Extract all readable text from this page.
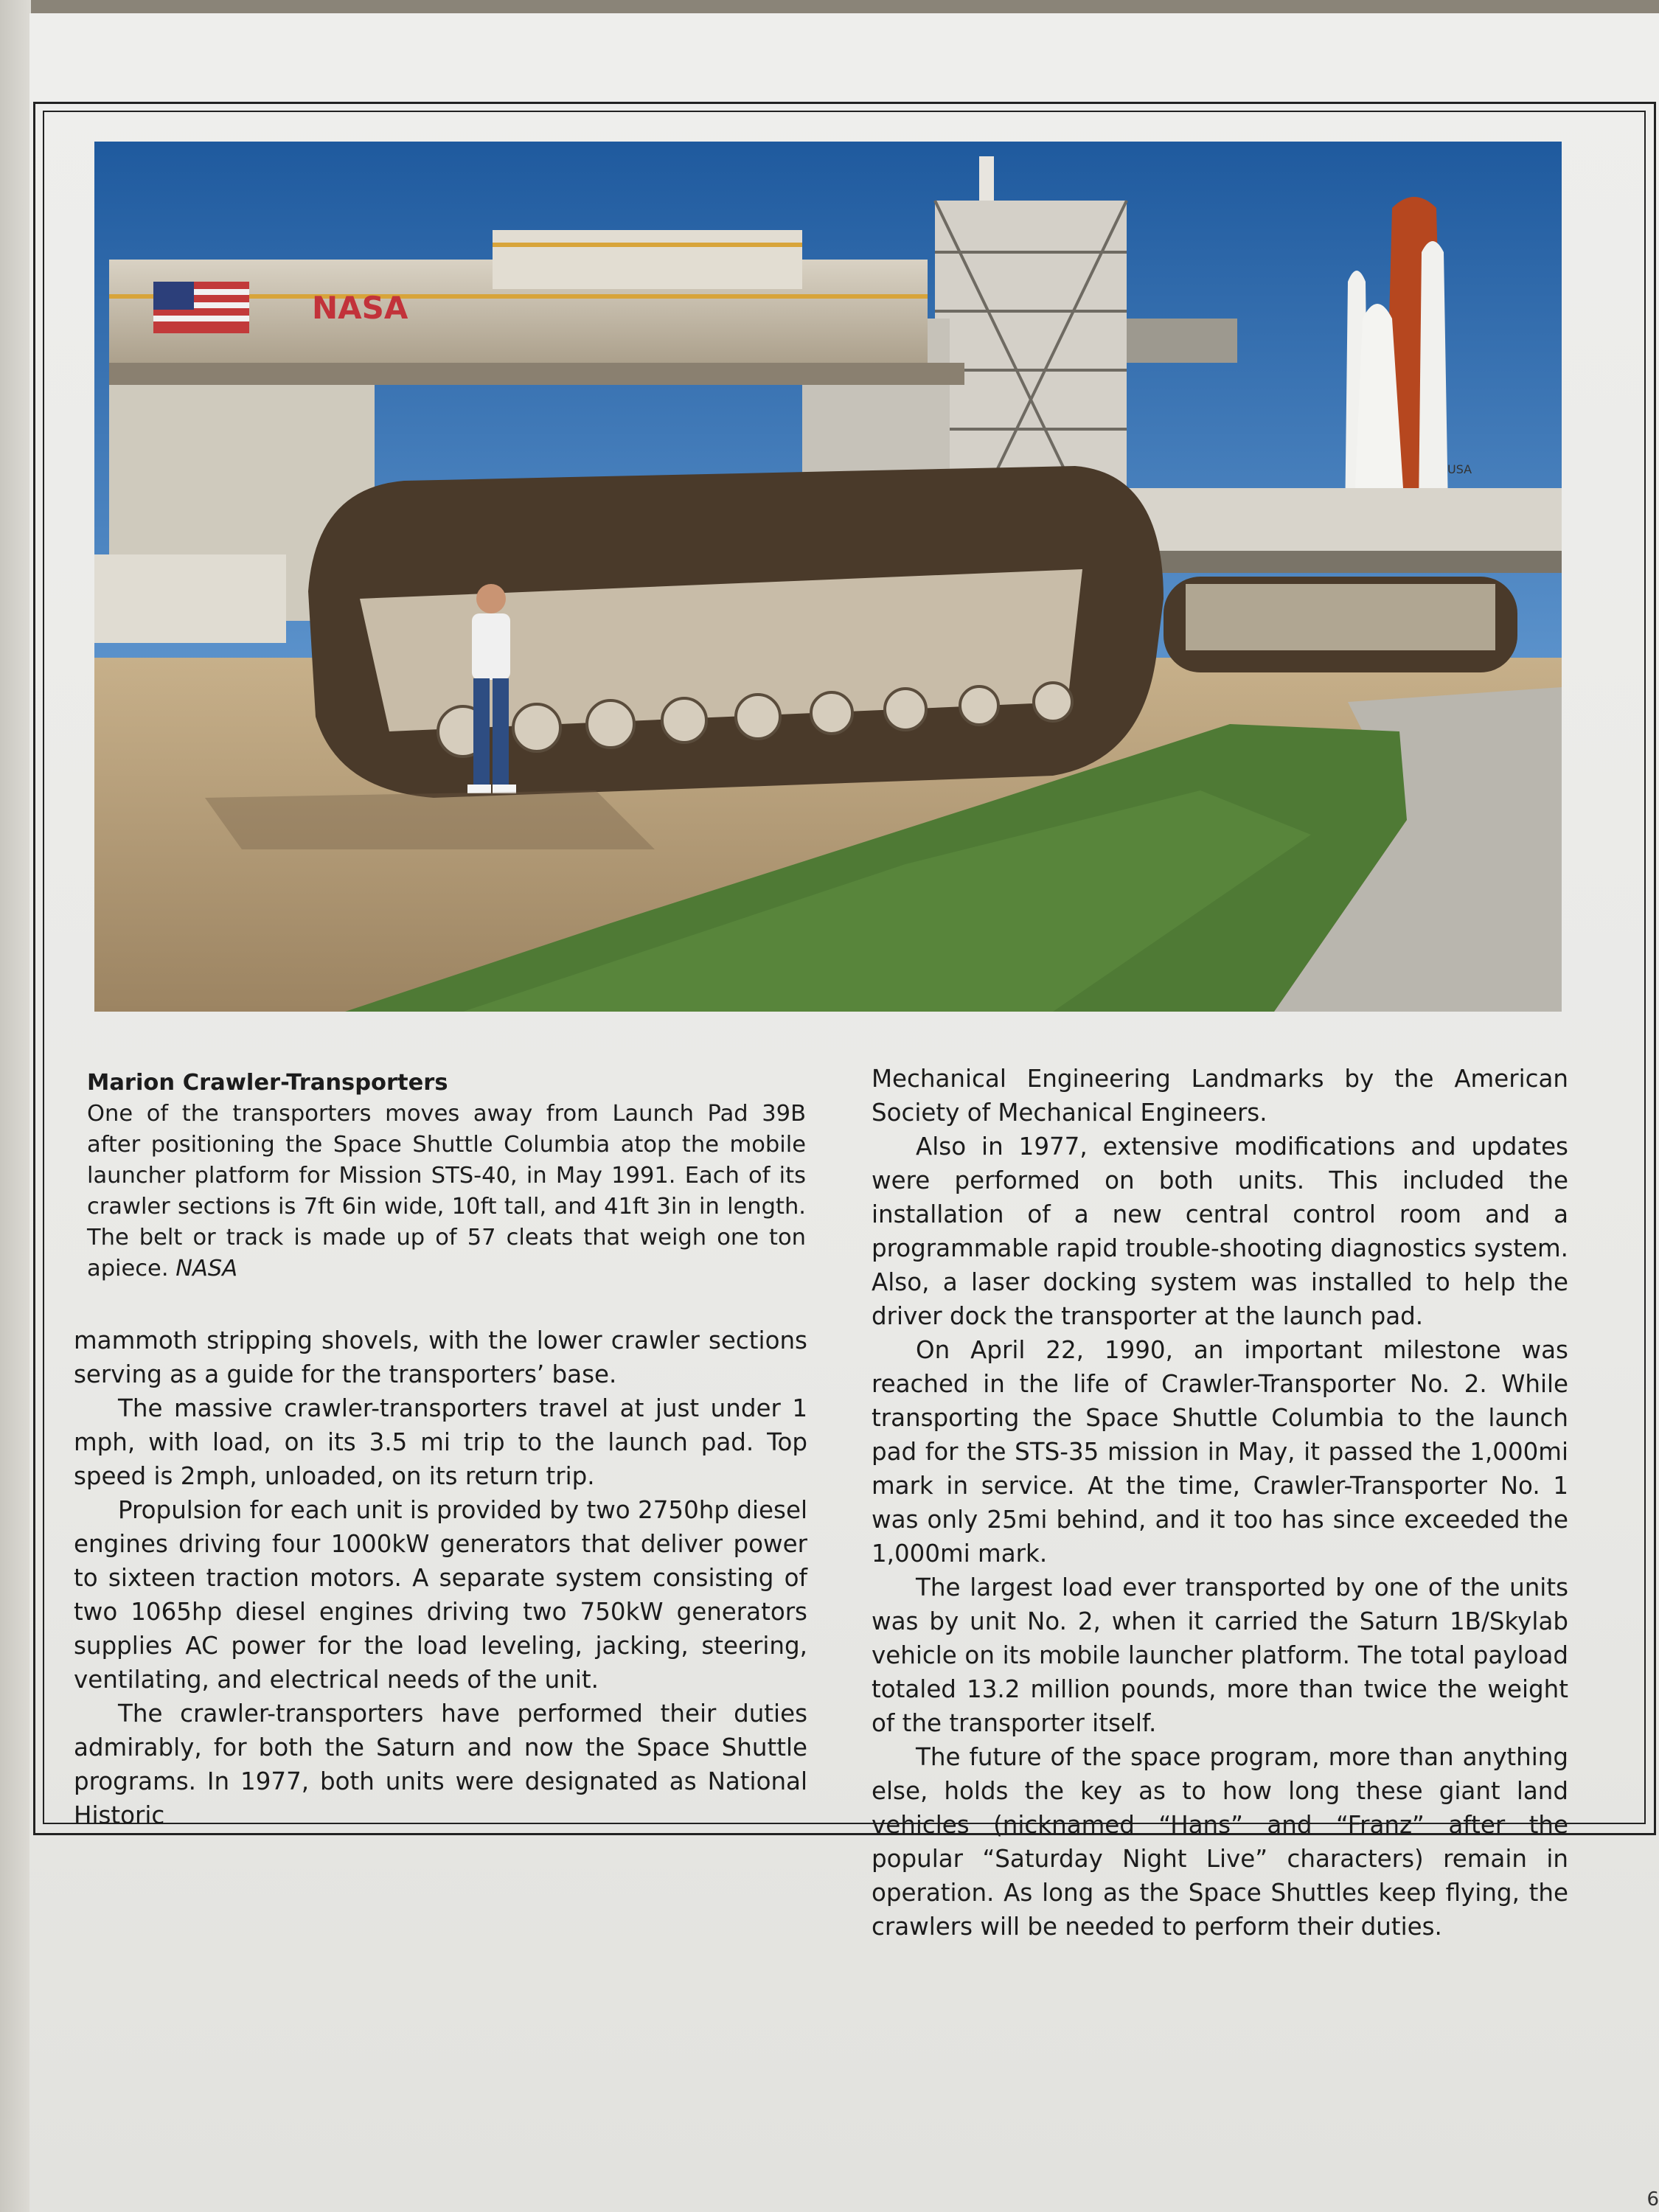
USA
NASA
Marion Crawler-Transporters
One of the transporters moves away from Launch Pad 39B after positioning the Space Shuttle Columbia atop the mobile launcher platform for Mission STS-40, in May 1991. Each of its crawler sections is 7ft 6in wide, 10ft tall, and 41ft 3in in length. The belt or track is made up of 57 cleats that weigh one ton apiece. NASA

mammoth stripping shovels, with the lower crawler sections serving as a guide for the transporters’ base.

The massive crawler-transporters travel at just under 1 mph, with load, on its 3.5 mi trip to the launch pad. Top speed is 2mph, unloaded, on its return trip.

Propulsion for each unit is provided by two 2750hp diesel engines driving four 1000kW generators that deliver power to sixteen traction motors. A separate system consisting of two 1065hp diesel engines driving two 750kW generators supplies AC power for the load leveling, jacking, steering, ventilating, and electrical needs of the unit.

The crawler-transporters have performed their duties admirably, for both the Saturn and now the Space Shuttle programs. In 1977, both units were designated as National Historic

Mechanical Engineering Landmarks by the American Society of Mechanical Engineers.

Also in 1977, extensive modifications and updates were performed on both units. This included the installation of a new central control room and a programmable rapid trouble-shooting diagnostics system. Also, a laser docking system was installed to help the driver dock the transporter at the launch pad.

On April 22, 1990, an important milestone was reached in the life of Crawler-Transporter No. 2. While transporting the Space Shuttle Columbia to the launch pad for the STS-35 mission in May, it passed the 1,000mi mark in service. At the time, Crawler-Transporter No. 1 was only 25mi behind, and it too has since exceeded the 1,000mi mark.

The largest load ever transported by one of the units was by unit No. 2, when it carried the Saturn 1B/Skylab vehicle on its mobile launcher platform. The total payload totaled 13.2 million pounds, more than twice the weight of the transporter itself.

The future of the space program, more than anything else, holds the key as to how long these giant land vehicles (nicknamed “Hans” and “Franz” after the popular “Saturday Night Live” characters) remain in operation. As long as the Space Shuttles keep flying, the crawlers will be needed to perform their duties.

6
